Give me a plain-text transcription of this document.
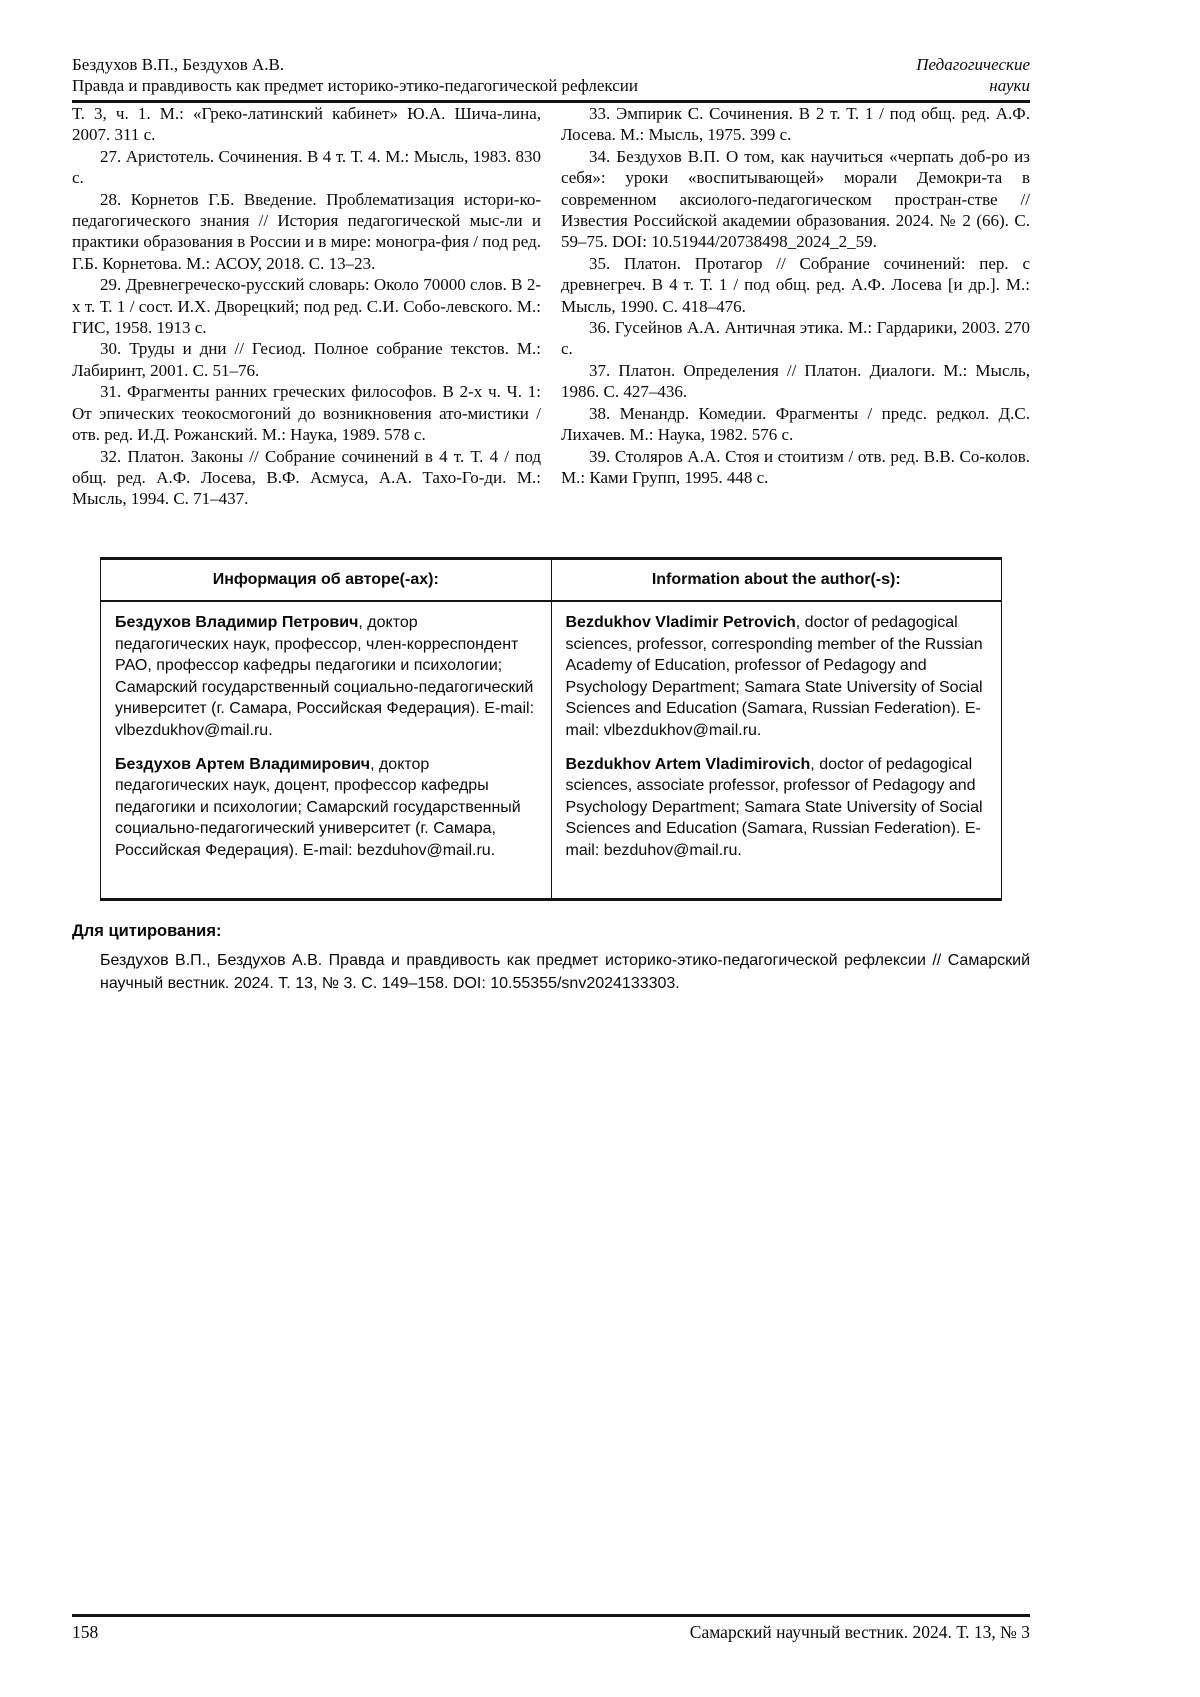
Бездухов В.П., Бездухов А.В.
Правда и правдивость как предмет историко-этико-педагогической рефлексии
Педагогические
науки

Т. 3, ч. 1. М.: «Греко-латинский кабинет» Ю.А. Шича-лина, 2007. 311 с.

27. Аристотель. Сочинения. В 4 т. Т. 4. М.: Мысль, 1983. 830 с.

28. Корнетов Г.Б. Введение. Проблематизация истори-ко-педагогического знания // История педагогической мыс-ли и практики образования в России и в мире: моногра-фия / под ред. Г.Б. Корнетова. М.: АСОУ, 2018. С. 13–23.

29. Древнегреческо-русский словарь: Около 70000 слов. В 2-х т. Т. 1 / сост. И.Х. Дворецкий; под ред. С.И. Собо-левского. М.: ГИС, 1958. 1913 с.

30. Труды и дни // Гесиод. Полное собрание текстов. М.: Лабиринт, 2001. С. 51–76.

31. Фрагменты ранних греческих философов. В 2-х ч. Ч. 1: От эпических теокосмогоний до возникновения ато-мистики / отв. ред. И.Д. Рожанский. М.: Наука, 1989. 578 с.

32. Платон. Законы // Собрание сочинений в 4 т. Т. 4 / под общ. ред. А.Ф. Лосева, В.Ф. Асмуса, А.А. Тахо-Го-ди. М.: Мысль, 1994. С. 71–437.

33. Эмпирик С. Сочинения. В 2 т. Т. 1 / под общ. ред. А.Ф. Лосева. М.: Мысль, 1975. 399 с.

34. Бездухов В.П. О том, как научиться «черпать доб-ро из себя»: уроки «воспитывающей» морали Демокри-та в современном аксиолого-педагогическом простран-стве // Известия Российской академии образования. 2024. № 2 (66). С. 59–75. DOI: 10.51944/20738498_2024_2_59.

35. Платон. Протагор // Собрание сочинений: пер. с древнегреч. В 4 т. Т. 1 / под общ. ред. А.Ф. Лосева [и др.]. М.: Мысль, 1990. С. 418–476.

36. Гусейнов А.А. Античная этика. М.: Гардарики, 2003. 270 с.

37. Платон. Определения // Платон. Диалоги. М.: Мысль, 1986. С. 427–436.

38. Менандр. Комедии. Фрагменты / предс. редкол. Д.С. Лихачев. М.: Наука, 1982. 576 с.

39. Столяров А.А. Стоя и стоитизм / отв. ред. В.В. Со-колов. М.: Ками Групп, 1995. 448 с.

Информация об авторе(-ах):	Information about the author(-s):

Бездухов Владимир Петрович, доктор педагогических наук, профессор, член-корреспондент РАО, профессор кафедры педагогики и психологии; Самарский государственный социально-педагогический университет (г. Самара, Российская Федерация). E-mail: vlbezdukhov@mail.ru.

Бездухов Артем Владимирович, доктор педагогических наук, доцент, профессор кафедры педагогики и психологии; Самарский государственный социально-педагогический университет (г. Самара, Российская Федерация). E-mail: bezduhov@mail.ru.

Bezdukhov Vladimir Petrovich, doctor of pedagogical sciences, professor, corresponding member of the Russian Academy of Education, professor of Pedagogy and Psychology Department; Samara State University of Social Sciences and Education (Samara, Russian Federation). E-mail: vlbezdukhov@mail.ru.

Bezdukhov Artem Vladimirovich, doctor of pedagogical sciences, associate professor, professor of Pedagogy and Psychology Department; Samara State University of Social Sciences and Education (Samara, Russian Federation). E-mail: bezduhov@mail.ru.

Для цитирования:

Бездухов В.П., Бездухов А.В. Правда и правдивость как предмет историко-этико-педагогической рефлексии // Самарский научный вестник. 2024. Т. 13, № 3. С. 149–158. DOI: 10.55355/snv2024133303.

158	Самарский научный вестник. 2024. Т. 13, № 3
